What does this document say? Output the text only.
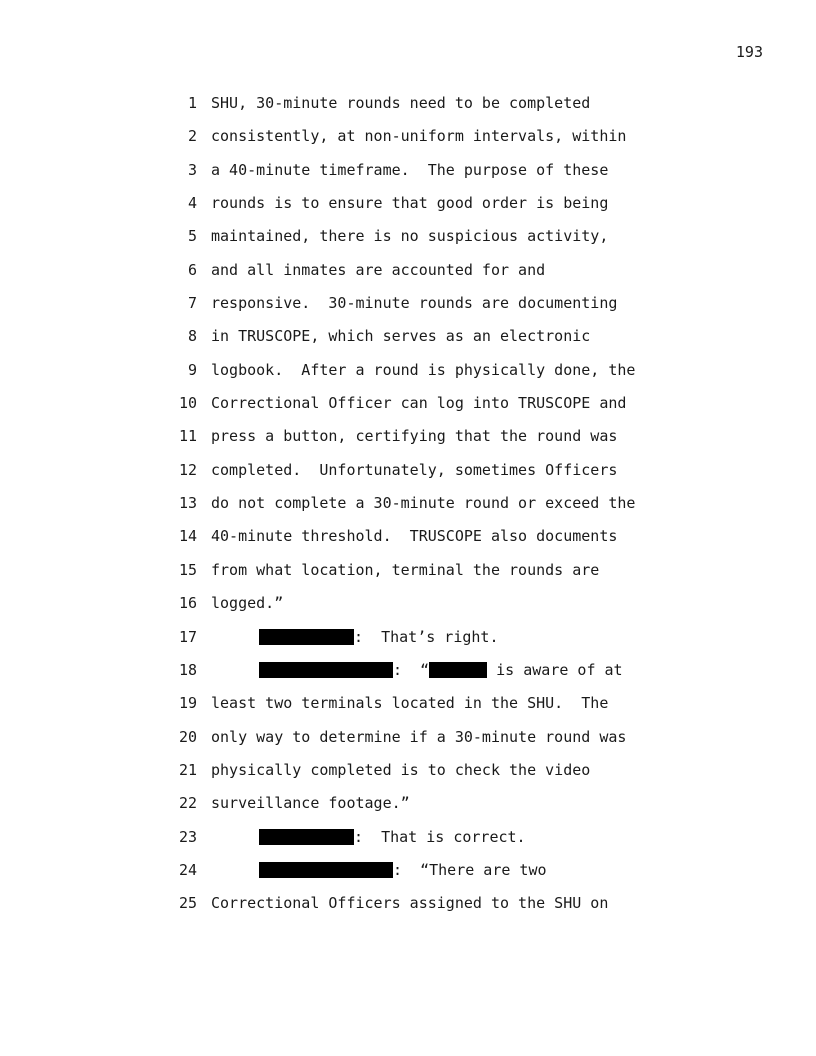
193
1 SHU, 30-minute rounds need to be completed
2 consistently, at non-uniform intervals, within
3 a 40-minute timeframe.  The purpose of these
4 rounds is to ensure that good order is being
5 maintained, there is no suspicious activity,
6 and all inmates are accounted for and
7 responsive.  30-minute rounds are documenting
8 in TRUSCOPE, which serves as an electronic
9 logbook.  After a round is physically done, the
10 Correctional Officer can log into TRUSCOPE and
11 press a button, certifying that the round was
12 completed.  Unfortunately, sometimes Officers
13 do not complete a 30-minute round or exceed the
14 40-minute threshold.  TRUSCOPE also documents
15 from what location, terminal the rounds are
16 logged.”
17	:  That’s right.
18	:  “	is aware of at
19 least two terminals located in the SHU.  The
20 only way to determine if a 30-minute round was
21 physically completed is to check the video
22 surveillance footage.”
23	:  That is correct.
24	:  “There are two
25 Correctional Officers assigned to the SHU on
